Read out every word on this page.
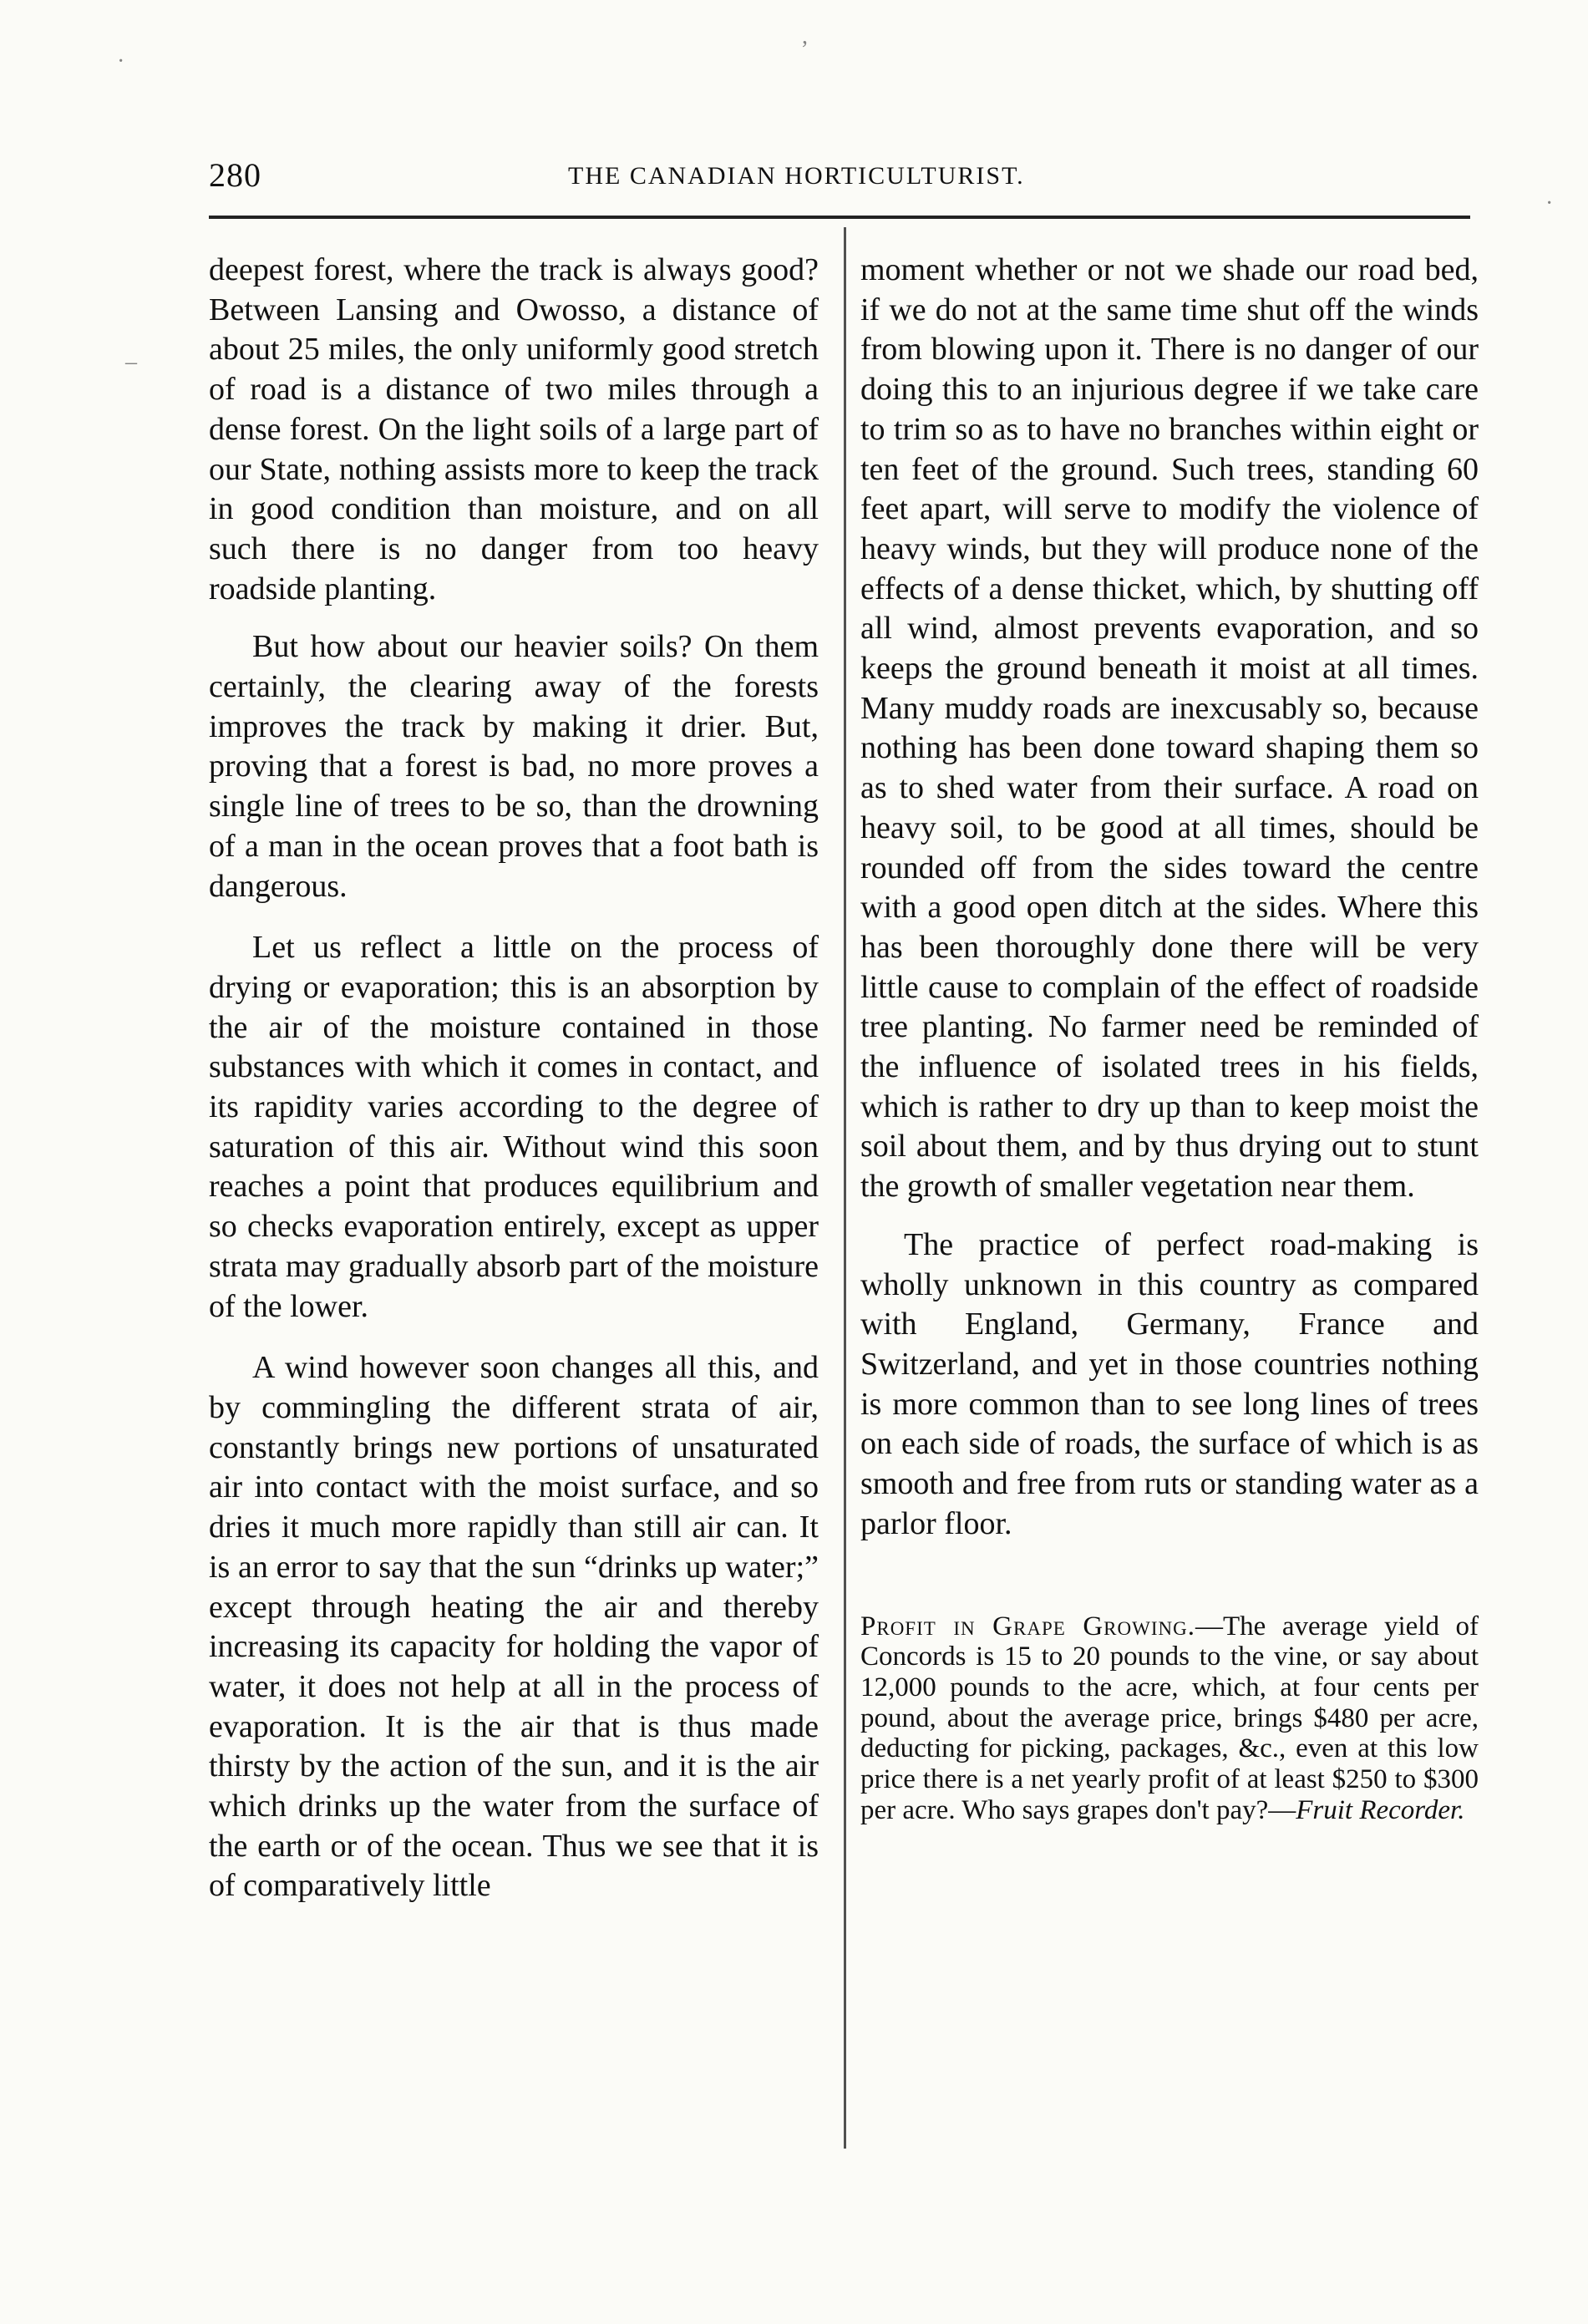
·
,
·
–
280	THE CANADIAN HORTICULTURIST.

deepest forest, where the track is always good? Between Lansing and Owosso, a distance of about 25 miles, the only uniformly good stretch of road is a distance of two miles through a dense forest. On the light soils of a large part of our State, nothing assists more to keep the track in good condition than moisture, and on all such there is no danger from too heavy roadside planting.

But how about our heavier soils? On them certainly, the clearing away of the forests improves the track by making it drier. But, proving that a forest is bad, no more proves a single line of trees to be so, than the drowning of a man in the ocean proves that a foot bath is dangerous.

Let us reflect a little on the process of drying or evaporation; this is an absorption by the air of the moisture contained in those substances with which it comes in contact, and its rapidity varies according to the degree of saturation of this air. Without wind this soon reaches a point that produces equilibrium and so checks evaporation entirely, except as upper strata may gradually absorb part of the moisture of the lower.

A wind however soon changes all this, and by commingling the different strata of air, constantly brings new portions of unsaturated air into contact with the moist surface, and so dries it much more rapidly than still air can. It is an error to say that the sun “drinks up water;” except through heating the air and thereby increasing its capacity for holding the vapor of water, it does not help at all in the process of evaporation. It is the air that is thus made thirsty by the action of the sun, and it is the air which drinks up the water from the surface of the earth or of the ocean. Thus we see that it is of comparatively little

moment whether or not we shade our road bed, if we do not at the same time shut off the winds from blowing upon it. There is no danger of our doing this to an injurious degree if we take care to trim so as to have no branches within eight or ten feet of the ground. Such trees, standing 60 feet apart, will serve to modify the violence of heavy winds, but they will produce none of the effects of a dense thicket, which, by shutting off all wind, almost prevents evaporation, and so keeps the ground beneath it moist at all times. Many muddy roads are inexcusably so, because nothing has been done toward shaping them so as to shed water from their surface. A road on heavy soil, to be good at all times, should be rounded off from the sides toward the centre with a good open ditch at the sides. Where this has been thoroughly done there will be very little cause to complain of the effect of roadside tree planting. No farmer need be reminded of the influence of isolated trees in his fields, which is rather to dry up than to keep moist the soil about them, and by thus drying out to stunt the growth of smaller vegetation near them.

The practice of perfect road-making is wholly unknown in this country as compared with England, Germany, France and Switzerland, and yet in those countries nothing is more common than to see long lines of trees on each side of roads, the surface of which is as smooth and free from ruts or standing water as a parlor floor.

Profit in Grape Growing.—The average yield of Concords is 15 to 20 pounds to the vine, or say about 12,000 pounds to the acre, which, at four cents per pound, about the average price, brings $480 per acre, deducting for picking, packages, &c., even at this low price there is a net yearly profit of at least $250 to $300 per acre. Who says grapes don't pay?—Fruit Recorder.
